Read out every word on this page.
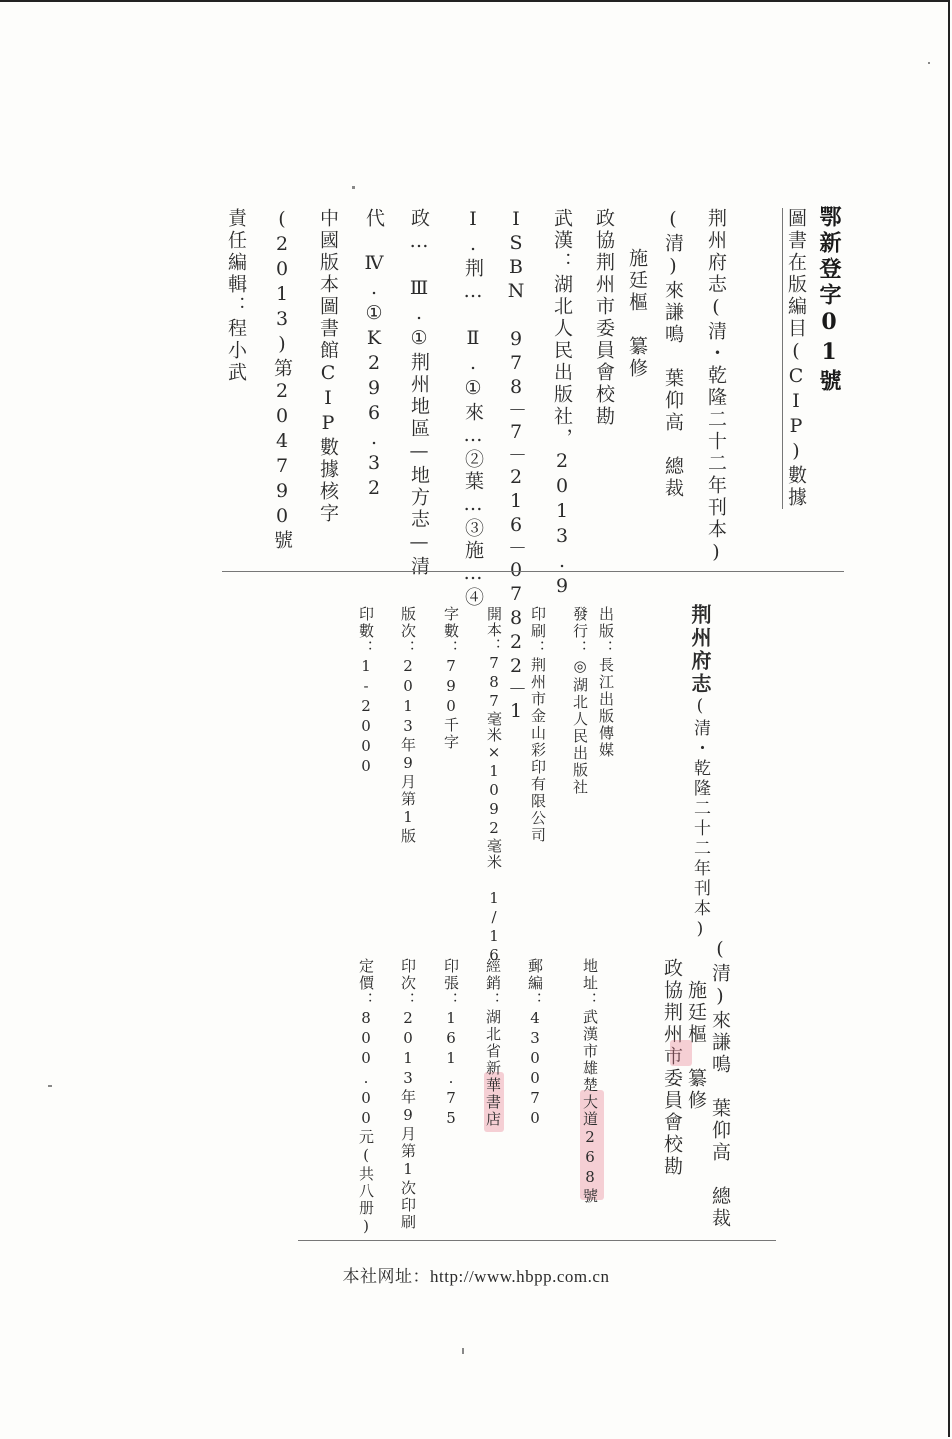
鄂新登字01號
圖書在版編目(CIP)數據
荆州府志(清・乾隆二十二年刊本)
(清)來謙鳴　葉仰高　總裁
施廷樞　纂修
政協荆州市委員會校勘
武漢：湖北人民出版社，2013.9
ISBN 978－7－216－07822－1
Ⅰ.荆…　Ⅱ.①來…②葉…③施…④
政…　Ⅲ.①荆州地區—地方志—清
代　Ⅳ.①K296.32
中國版本圖書館CIP數據核字
(2013)第204790號
責任編輯：程小武
荆州府志(清・乾隆二十二年刊本)
出版：長江出版傳媒
發行：◎湖北人民出版社
印刷：荆州市金山彩印有限公司
開本：787毫米×1092毫米 1/16
字數：790千字
版次：2013年9月第1版
印數：1-2000
(清)來謙鳴　葉仰高　總裁
施廷樞　纂修
政協荆州市委員會校勘
地址：武漢市雄楚大道268號
郵編：430070
經銷：湖北省新華書店
印張：161.75
印次：2013年9月第1次印刷
定價：800.00元(共八册)
本社网址：http://www.hbpp.com.cn
